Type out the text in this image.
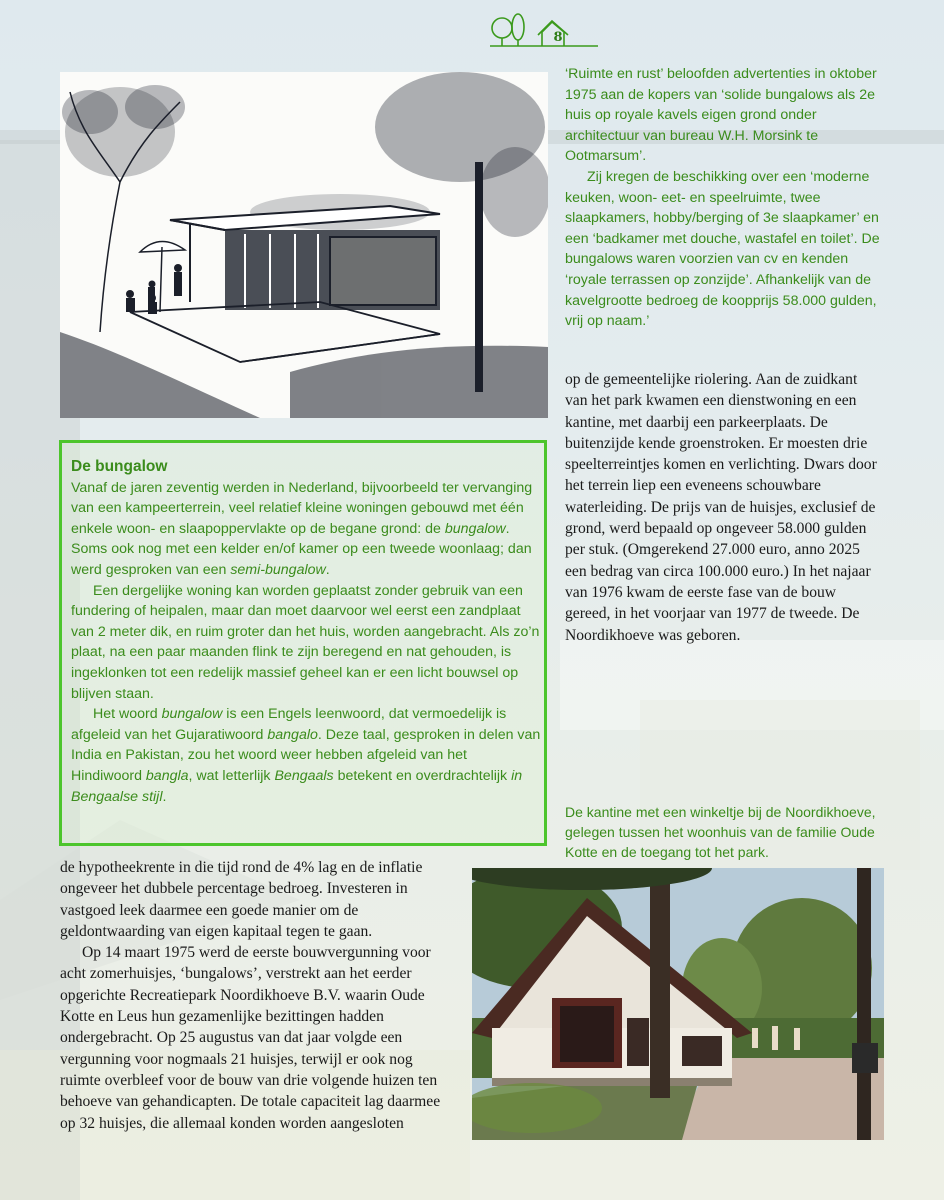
8

‘Ruimte en rust’ beloofden advertenties in oktober 1975 aan de kopers van ‘solide bungalows als 2e huis op royale kavels eigen grond onder architectuur van bureau W.H. Morsink te Ootmarsum’.

Zij kregen de beschikking over een ‘moderne keuken, woon- eet- en speelruimte, twee slaapkamers, hobby/berging of 3e slaapkamer’ en een ‘badkamer met douche, wastafel en toilet’. De bungalows waren voorzien van cv en kenden ‘royale terrassen op zonzijde’. Afhankelijk van de kavelgrootte bedroeg de koopprijs 58.000 gulden, vrij op naam.’

op de gemeentelijke riolering. Aan de zuidkant van het park kwamen een dienstwoning en een kantine, met daarbij een parkeerplaats. De buitenzijde kende groenstroken. Er moesten drie speelterreintjes komen en verlichting. Dwars door het terrein liep een eveneens schouwbare waterleiding. De prijs van de huisjes, exclusief de grond, werd bepaald op ongeveer 58.000 gulden per stuk. (Omgerekend 27.000 euro, anno 2025 een bedrag van circa 100.000 euro.) In het najaar van 1976 kwam de eerste fase van de bouw gereed, in het voorjaar van 1977 de tweede. De Noordikhoeve was geboren.

De bungalow

Vanaf de jaren zeventig werden in Nederland, bijvoorbeeld ter vervanging van een kampeerterrein, veel relatief kleine woningen gebouwd met één enkele woon- en slaapoppervlakte op de begane grond: de bungalow. Soms ook nog met een kelder en/of kamer op een tweede woonlaag; dan werd gesproken van een semi-bungalow.

Een dergelijke woning kan worden geplaatst zonder gebruik van een fundering of heipalen, maar dan moet daarvoor wel eerst een zandplaat van 2 meter dik, en ruim groter dan het huis, worden aangebracht. Als zo’n plaat, na een paar maanden flink te zijn beregend en nat gehouden, is ingeklonken tot een redelijk massief geheel kan er een licht bouwsel op blijven staan.

Het woord bungalow is een Engels leenwoord, dat vermoedelijk is afgeleid van het Gujaratiwoord bangalo. Deze taal, gesproken in delen van India en Pakistan, zou het woord weer hebben afgeleid van het Hindiwoord bangla, wat letterlijk Bengaals betekent en overdrachtelijk in Bengaalse stijl.

De kantine met een winkeltje bij de Noordikhoeve, gelegen tussen het woonhuis van de familie Oude Kotte en de toegang tot het park.

de hypotheekrente in die tijd rond de 4% lag en de inflatie ongeveer het dubbele percentage bedroeg. Investeren in vastgoed leek daarmee een goede manier om de geldontwaarding van eigen kapitaal tegen te gaan.

Op 14 maart 1975 werd de eerste bouwvergunning voor acht zomerhuisjes, ‘bungalows’, verstrekt aan het eerder opgerichte Recreatiepark Noordikhoeve B.V. waarin Oude Kotte en Leus hun gezamenlijke bezittingen hadden ondergebracht. Op 25 augustus van dat jaar volgde een vergunning voor nogmaals 21 huisjes, terwijl er ook nog ruimte overbleef voor de bouw van drie volgende huizen ten behoeve van gehandicapten. De totale capaciteit lag daarmee op 32 huisjes, die allemaal konden worden aangesloten
